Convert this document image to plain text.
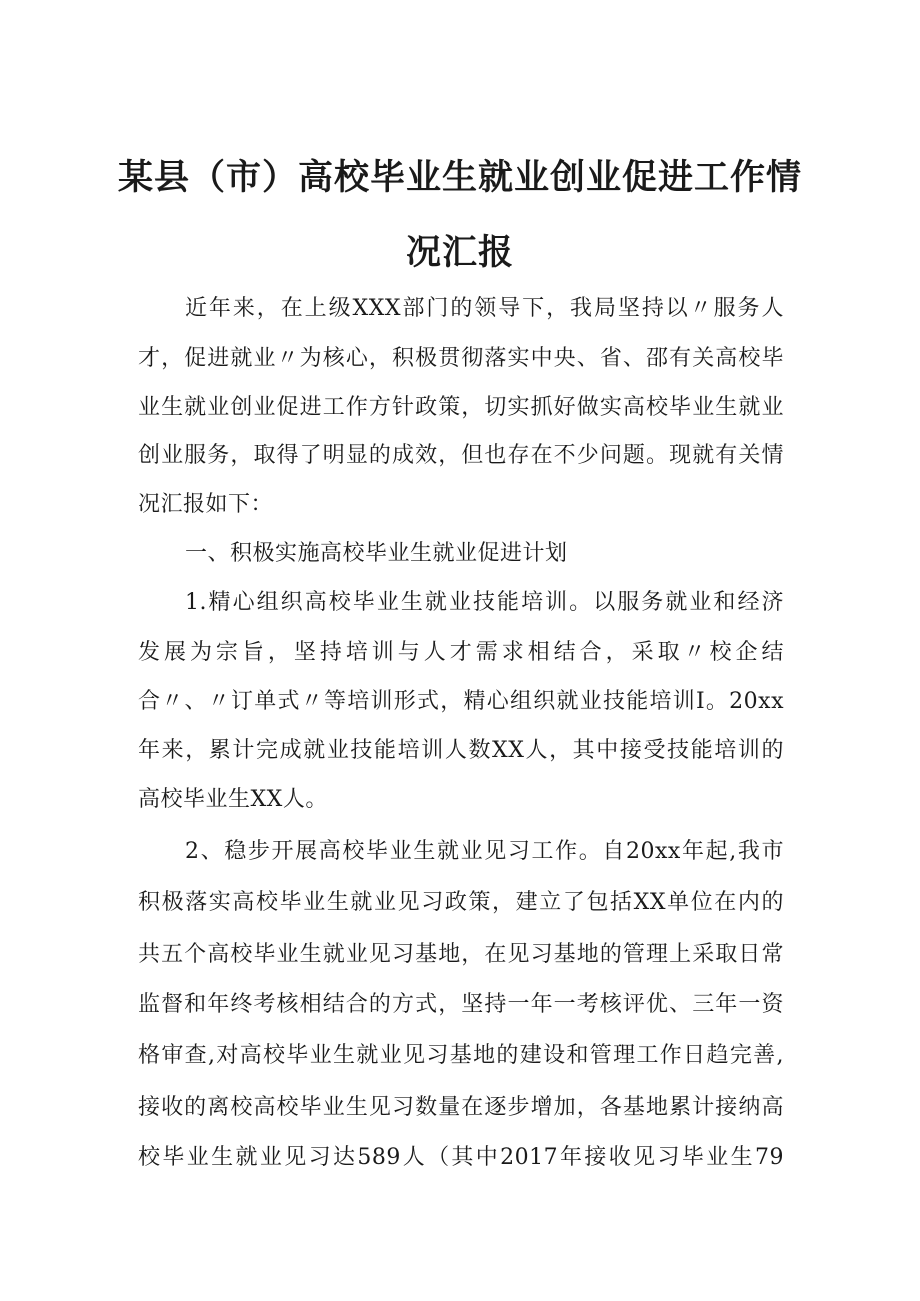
某县（市）高校毕业生就业创业促进工作情
况汇报
近年来，在上级XXX部门的领导下，我局坚持以〃服务人
才，促进就业〃为核心，积极贯彻落实中央、省、邵有关高校毕
业生就业创业促进工作方针政策，切实抓好做实高校毕业生就业
创业服务，取得了明显的成效，但也存在不少问题。现就有关情
况汇报如下：
一、积极实施高校毕业生就业促进计划
1.精心组织高校毕业生就业技能培训。以服务就业和经济
发展为宗旨，坚持培训与人才需求相结合，采取〃校企结
合〃、〃订单式〃等培训形式，精心组织就业技能培训I。20xx
年来，累计完成就业技能培训人数XX人，其中接受技能培训的
高校毕业生XX人。
2、稳步开展高校毕业生就业见习工作。自20xx年起,我市
积极落实高校毕业生就业见习政策，建立了包括XX单位在内的
共五个高校毕业生就业见习基地，在见习基地的管理上采取日常
监督和年终考核相结合的方式，坚持一年一考核评优、三年一资
格审查,对高校毕业生就业见习基地的建设和管理工作日趋完善,
接收的离校高校毕业生见习数量在逐步增加，各基地累计接纳高
校毕业生就业见习达589人（其中2017年接收见习毕业生79
